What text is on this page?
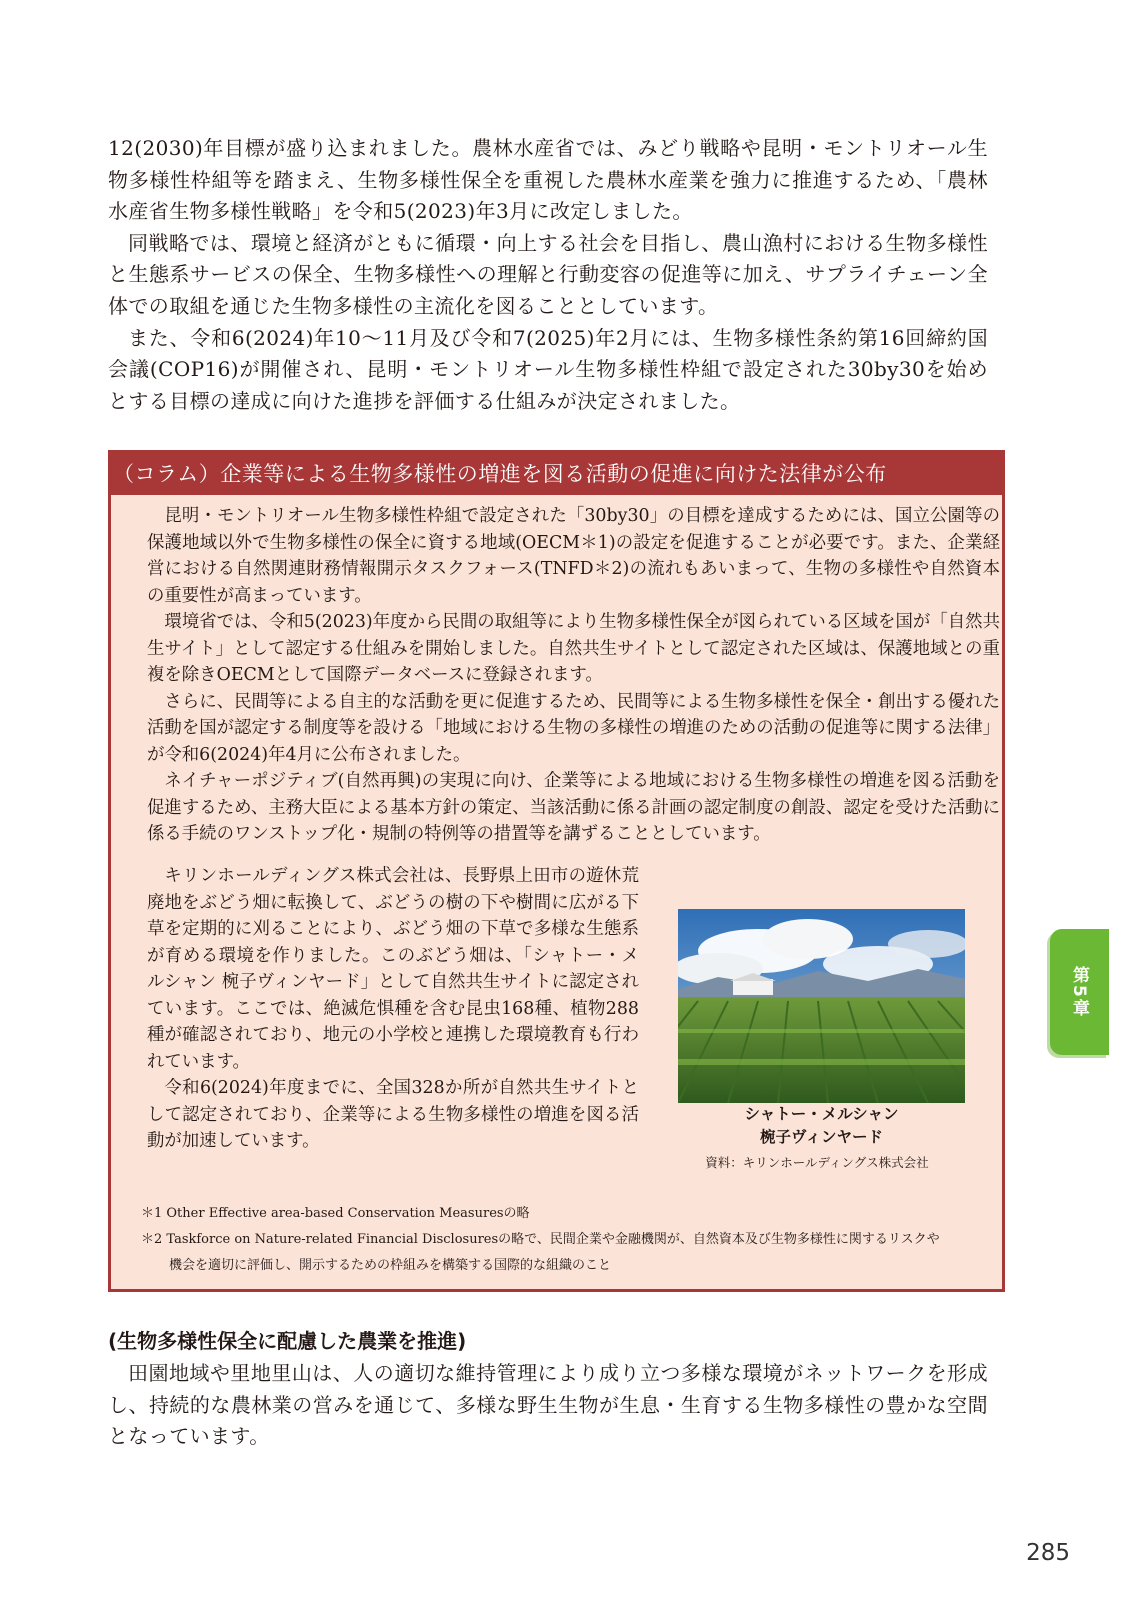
12(2030)年目標が盛り込まれました。農林水産省では、みどり戦略や昆明・モントリオール生物多様性枠組等を踏まえ、生物多様性保全を重視した農林水産業を強力に推進するため、「農林水産省生物多様性戦略」を令和5(2023)年3月に改定しました。

同戦略では、環境と経済がともに循環・向上する社会を目指し、農山漁村における生物多様性と生態系サービスの保全、生物多様性への理解と行動変容の促進等に加え、サプライチェーン全体での取組を通じた生物多様性の主流化を図ることとしています。

また、令和6(2024)年10〜11月及び令和7(2025)年2月には、生物多様性条約第16回締約国会議(COP16)が開催され、昆明・モントリオール生物多様性枠組で設定された30by30を始めとする目標の達成に向けた進捗を評価する仕組みが決定されました。

（コラム）企業等による生物多様性の増進を図る活動の促進に向けた法律が公布

昆明・モントリオール生物多様性枠組で設定された「30by30」の目標を達成するためには、国立公園等の保護地域以外で生物多様性の保全に資する地域(OECM＊1)の設定を促進することが必要です。また、企業経営における自然関連財務情報開示タスクフォース(TNFD＊2)の流れもあいまって、生物の多様性や自然資本の重要性が高まっています。

環境省では、令和5(2023)年度から民間の取組等により生物多様性保全が図られている区域を国が「自然共生サイト」として認定する仕組みを開始しました。自然共生サイトとして認定された区域は、保護地域との重複を除きOECMとして国際データベースに登録されます。

さらに、民間等による自主的な活動を更に促進するため、民間等による生物多様性を保全・創出する優れた活動を国が認定する制度等を設ける「地域における生物の多様性の増進のための活動の促進等に関する法律」が令和6(2024)年4月に公布されました。

ネイチャーポジティブ(自然再興)の実現に向け、企業等による地域における生物多様性の増進を図る活動を促進するため、主務大臣による基本方針の策定、当該活動に係る計画の認定制度の創設、認定を受けた活動に係る手続のワンストップ化・規制の特例等の措置等を講ずることとしています。

キリンホールディングス株式会社は、長野県上田市の遊休荒廃地をぶどう畑に転換して、ぶどうの樹の下や樹間に広がる下草を定期的に刈ることにより、ぶどう畑の下草で多様な生態系が育める環境を作りました。このぶどう畑は、「シャトー・メルシャン 椀子ヴィンヤード」として自然共生サイトに認定されています。ここでは、絶滅危惧種を含む昆虫168種、植物288種が確認されており、地元の小学校と連携した環境教育も行われています。

令和6(2024)年度までに、全国328か所が自然共生サイトとして認定されており、企業等による生物多様性の増進を図る活動が加速しています。

シャトー・メルシャン
椀子ヴィンヤード
資料：キリンホールディングス株式会社

＊1 Other Effective area-based Conservation Measuresの略

＊2 Taskforce on Nature-related Financial Disclosuresの略で、民間企業や金融機関が、自然資本及び生物多様性に関するリスクや

機会を適切に評価し、開示するための枠組みを構築する国際的な組織のこと

(生物多様性保全に配慮した農業を推進)

田園地域や里地里山は、人の適切な維持管理により成り立つ多様な環境がネットワークを形成し、持続的な農林業の営みを通じて、多様な野生生物が生息・生育する生物多様性の豊かな空間となっています。

第5章
285
